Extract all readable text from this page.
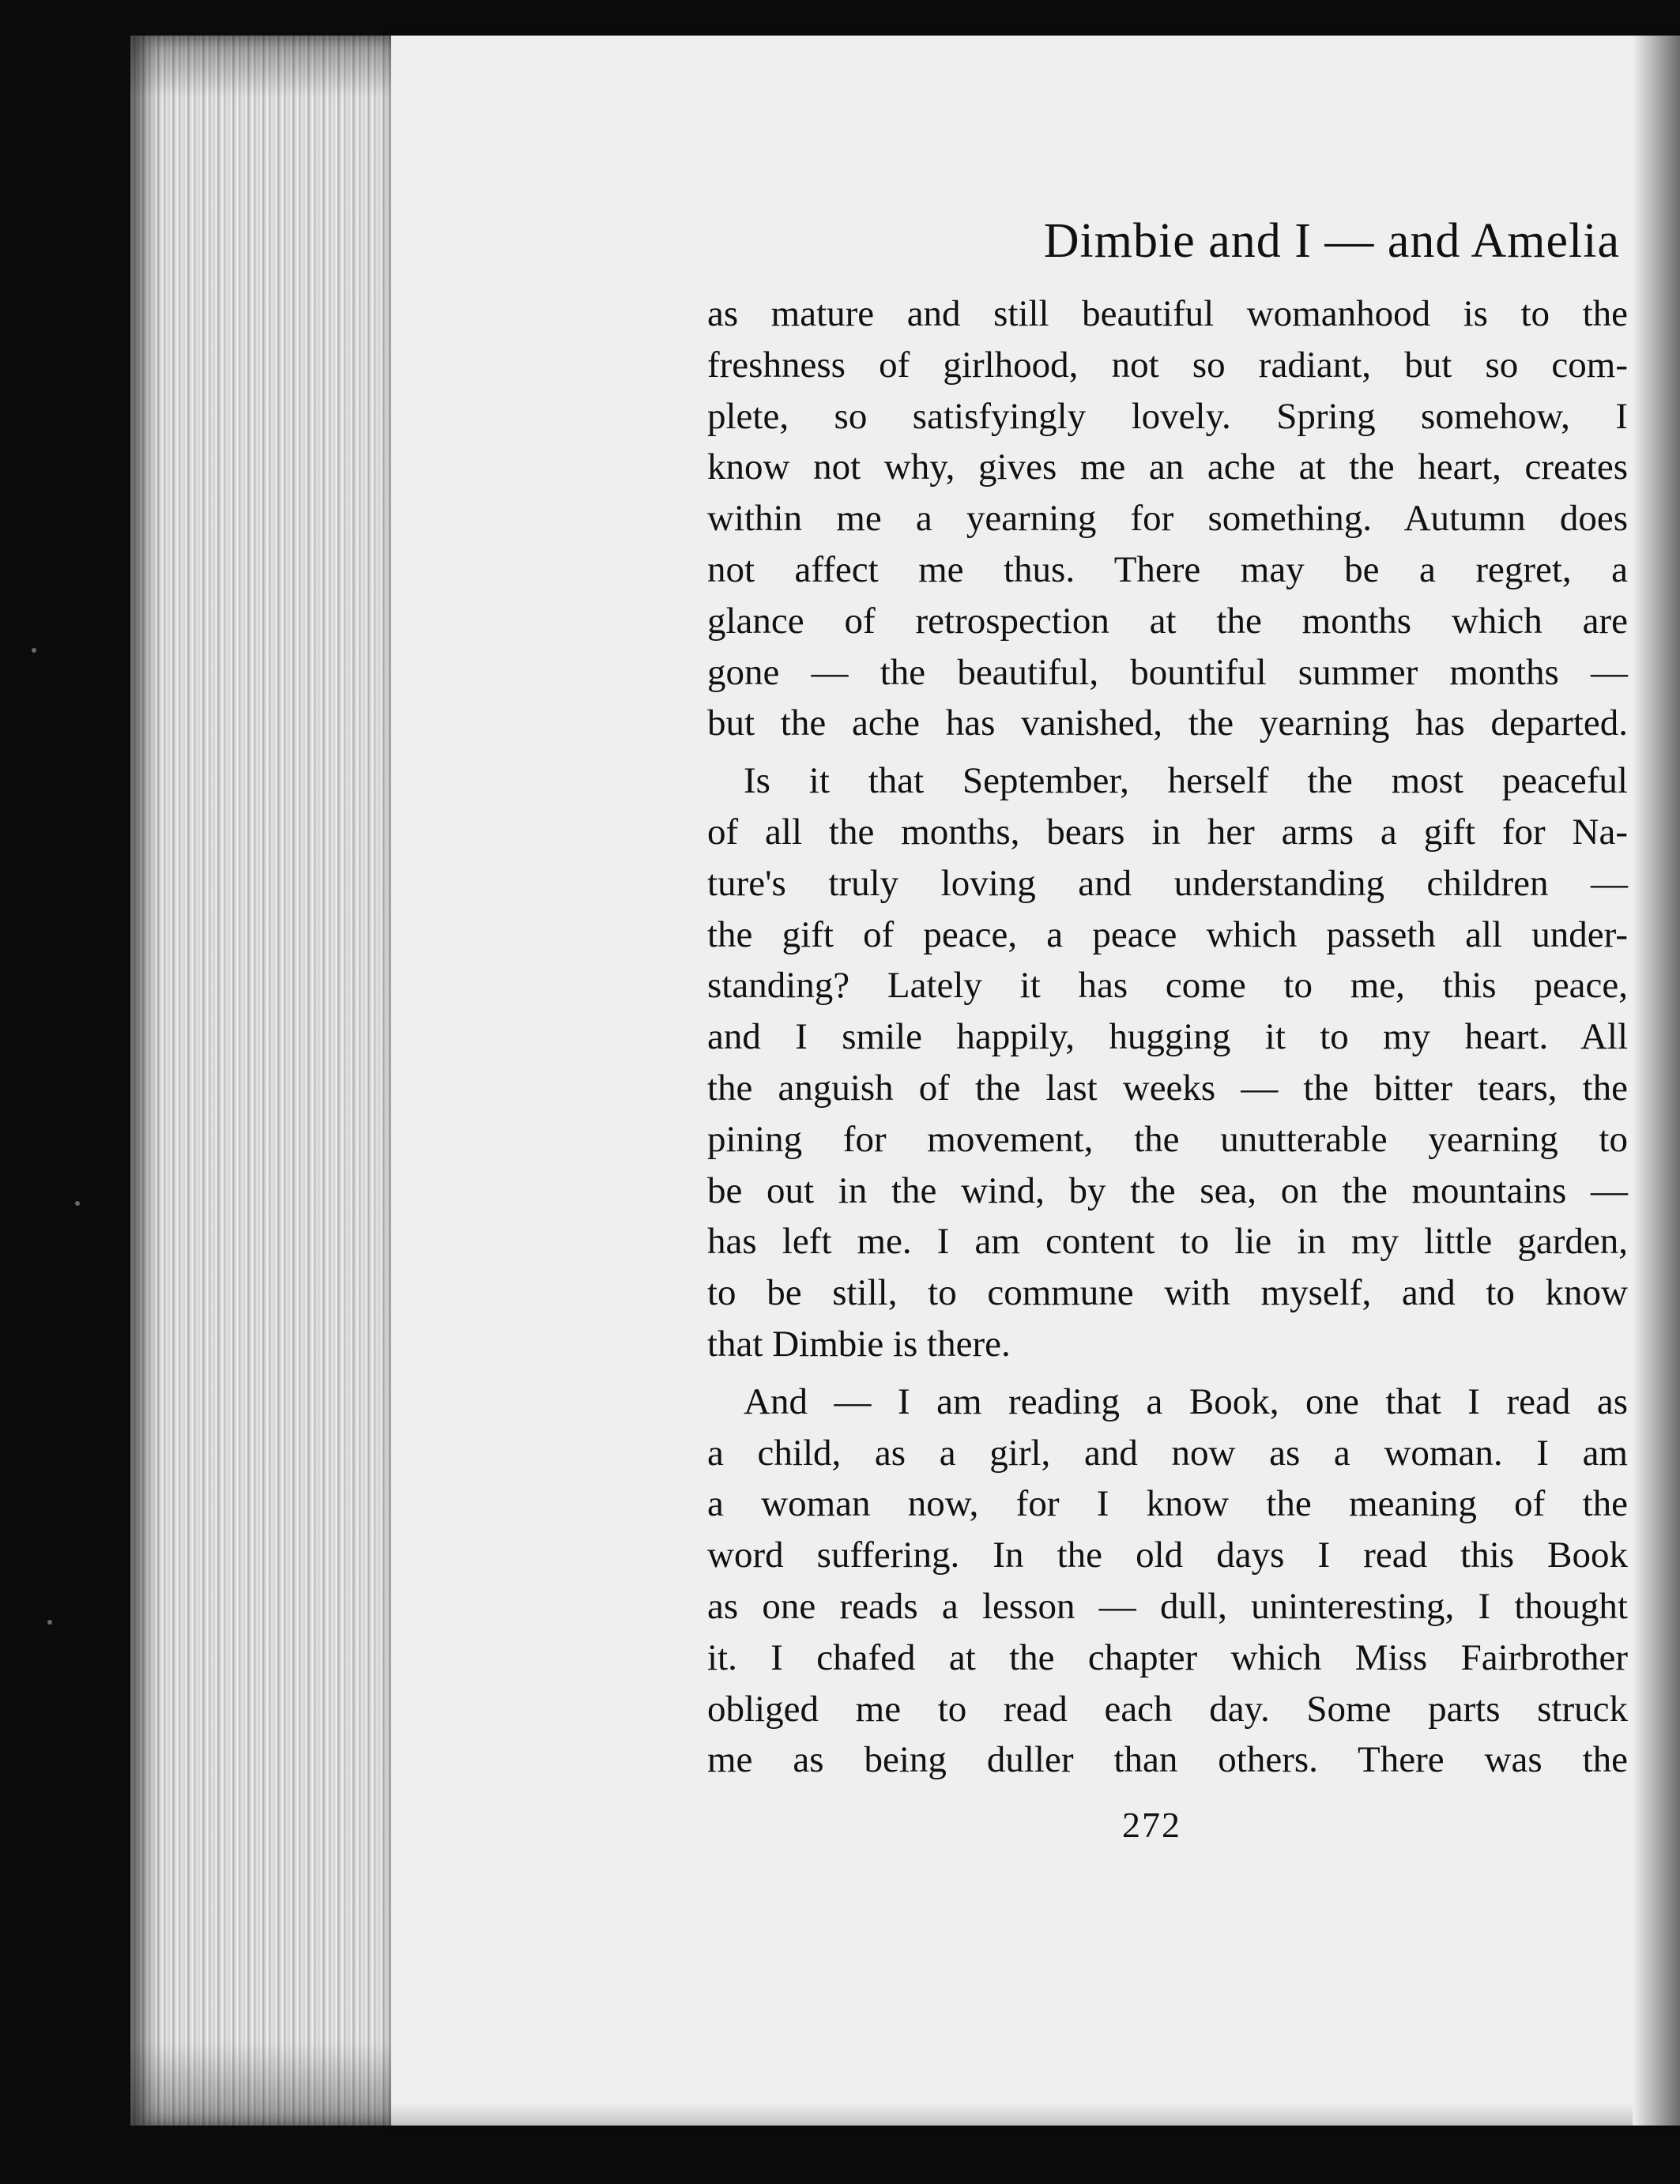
Dimbie and I — and Amelia

as mature and still beautiful womanhood is to the
freshness of girlhood, not so radiant, but so com-
plete, so satisfyingly lovely. Spring somehow, I
know not why, gives me an ache at the heart, creates
within me a yearning for something. Autumn does
not affect me thus. There may be a regret, a
glance of retrospection at the months which are
gone — the beautiful, bountiful summer months —
but the ache has vanished, the yearning has departed.

Is it that September, herself the most peaceful
of all the months, bears in her arms a gift for Na-
ture's truly loving and understanding children —
the gift of peace, a peace which passeth all under-
standing? Lately it has come to me, this peace,
and I smile happily, hugging it to my heart. All
the anguish of the last weeks — the bitter tears, the
pining for movement, the unutterable yearning to
be out in the wind, by the sea, on the mountains —
has left me. I am content to lie in my little garden,
to be still, to commune with myself, and to know
that Dimbie is there.

And — I am reading a Book, one that I read as
a child, as a girl, and now as a woman. I am
a woman now, for I know the meaning of the
word suffering. In the old days I read this Book
as one reads a lesson — dull, uninteresting, I thought
it. I chafed at the chapter which Miss Fairbrother
obliged me to read each day. Some parts struck
me as being duller than others. There was the

272
